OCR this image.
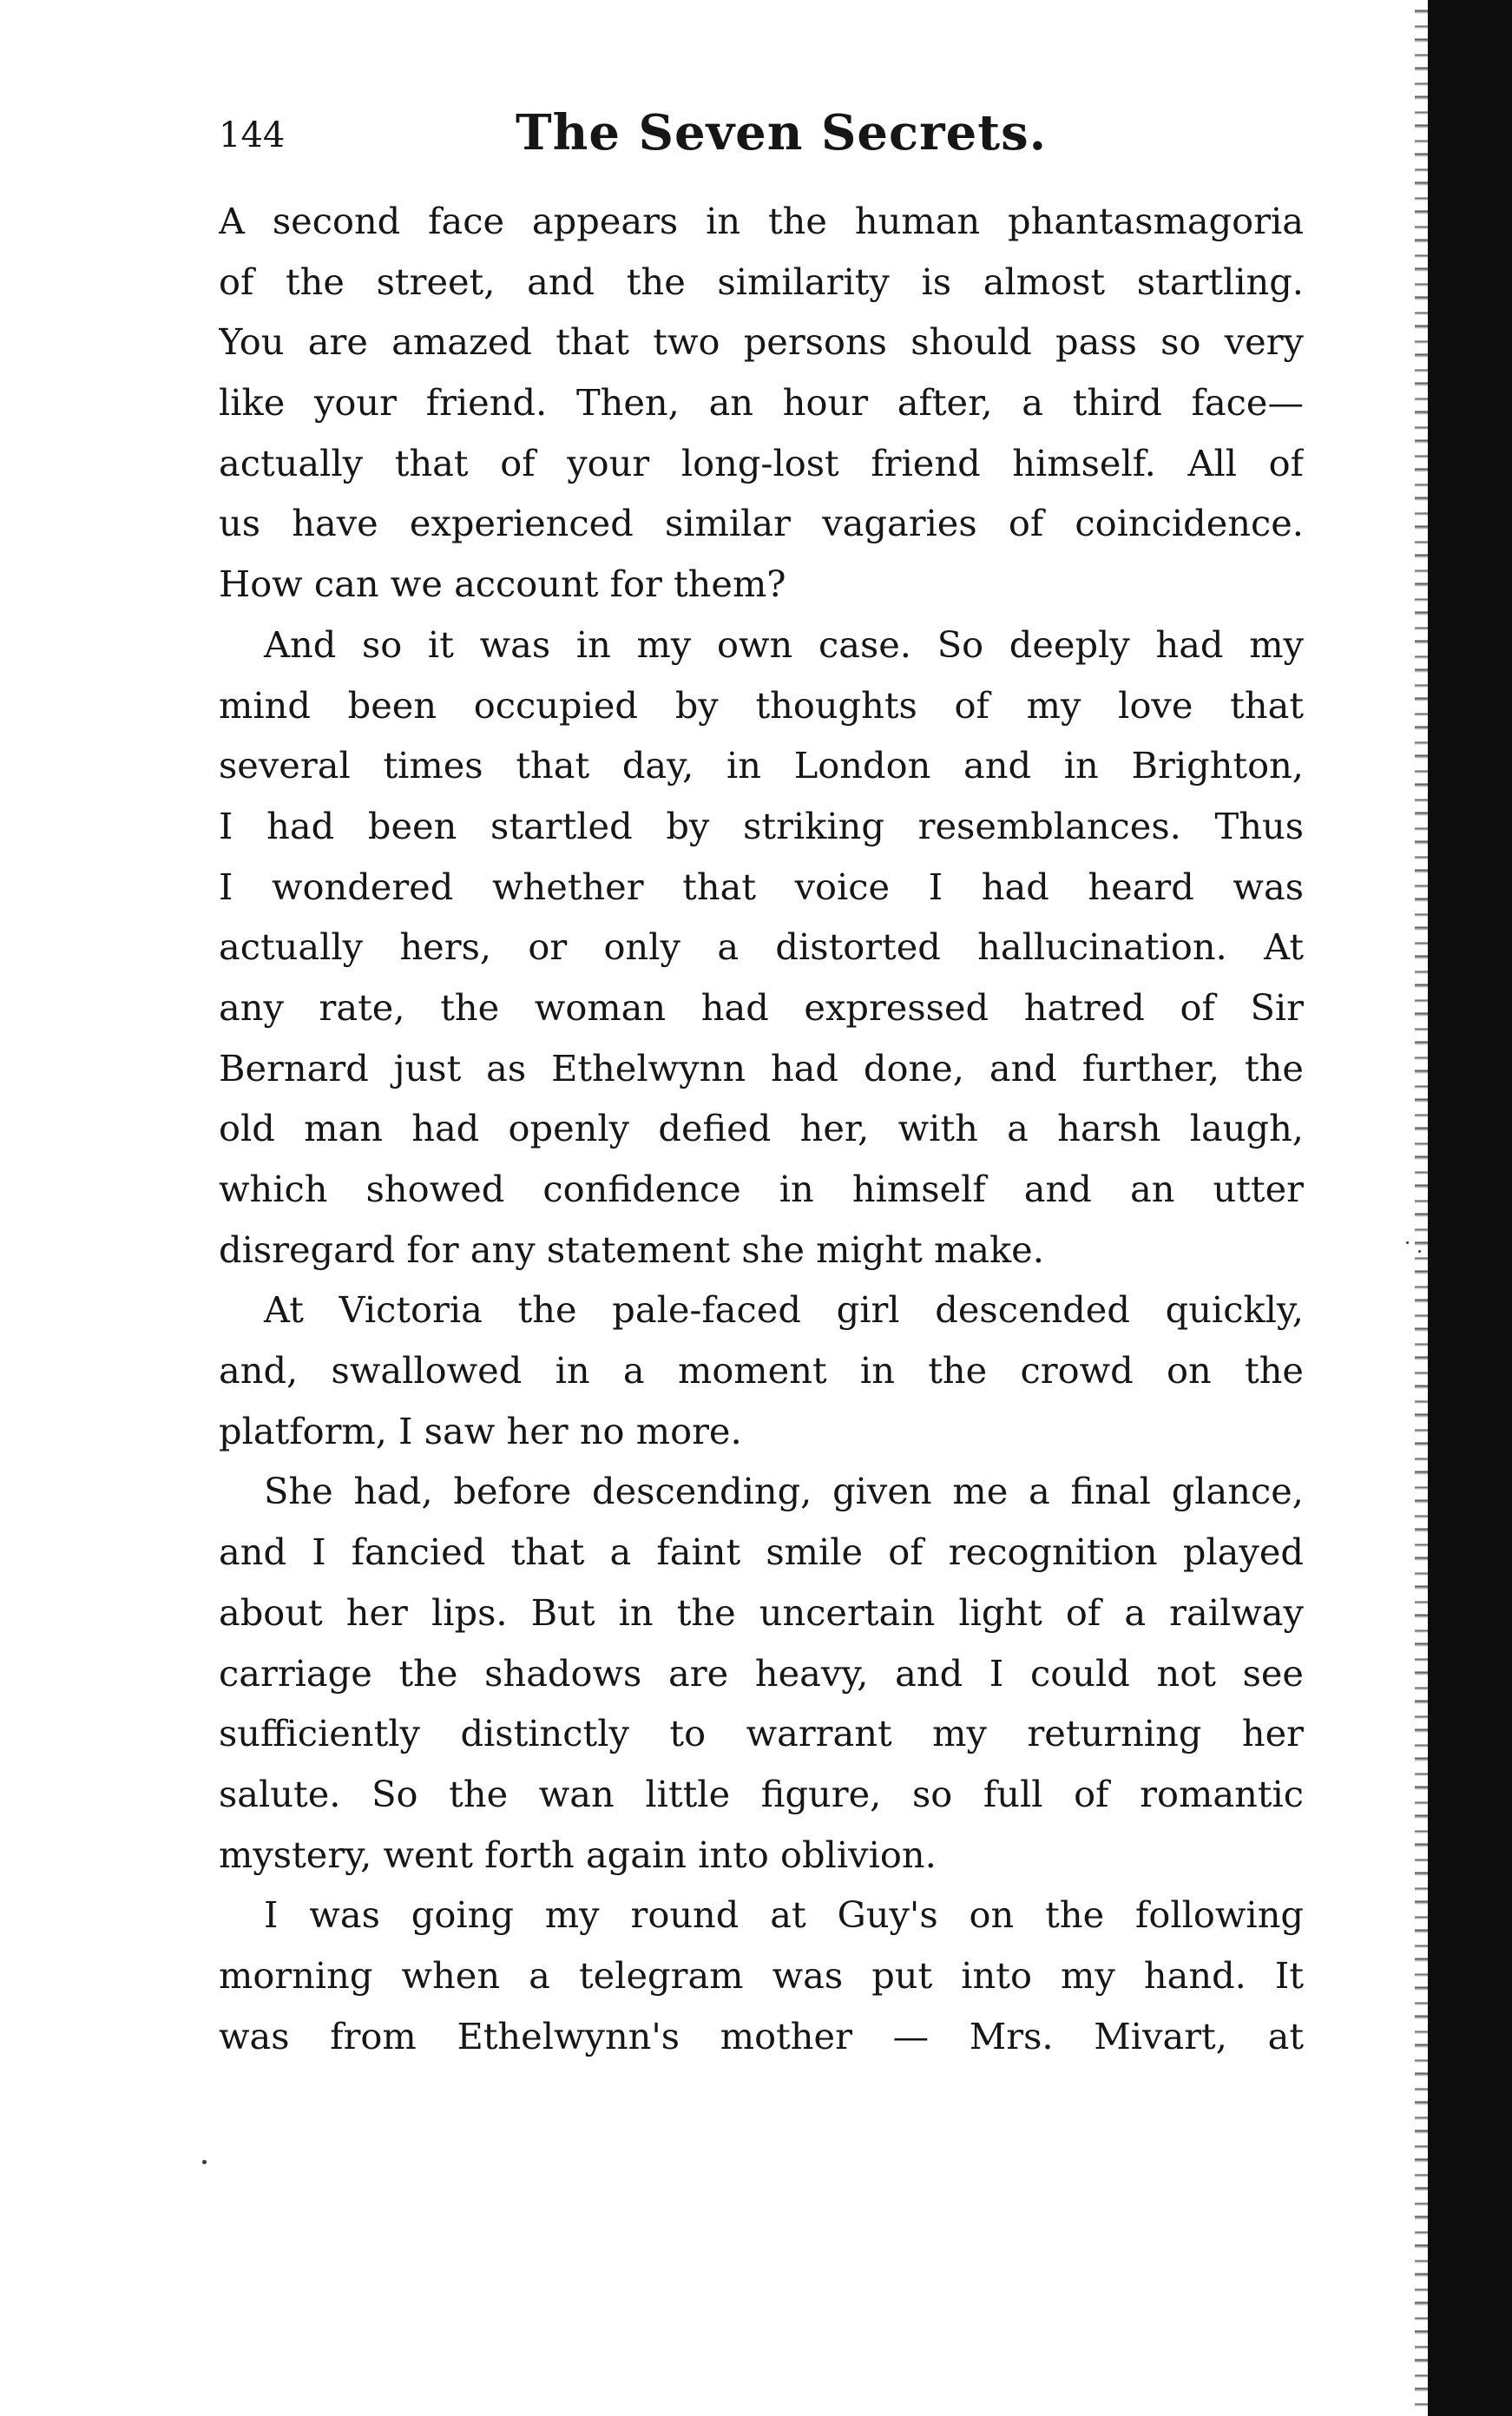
144	The Seven Secrets.
A second face appears in the human phantasmagoria
of the street, and the similarity is almost startling.
You are amazed that two persons should pass so very
like your friend. Then, an hour after, a third face—
actually that of your long-lost friend himself. All of
us have experienced similar vagaries of coincidence.
How can we account for them?
And so it was in my own case. So deeply had my
mind been occupied by thoughts of my love that
several times that day, in London and in Brighton,
I had been startled by striking resemblances. Thus
I wondered whether that voice I had heard was
actually hers, or only a distorted hallucination. At
any rate, the woman had expressed hatred of Sir
Bernard just as Ethelwynn had done, and further, the
old man had openly defied her, with a harsh laugh,
which showed confidence in himself and an utter
disregard for any statement she might make.
At Victoria the pale-faced girl descended quickly,
and, swallowed in a moment in the crowd on the
platform, I saw her no more.
She had, before descending, given me a final glance,
and I fancied that a faint smile of recognition played
about her lips. But in the uncertain light of a railway
carriage the shadows are heavy, and I could not see
sufficiently distinctly to warrant my returning her
salute. So the wan little figure, so full of romantic
mystery, went forth again into oblivion.
I was going my round at Guy's on the following
morning when a telegram was put into my hand. It
was from Ethelwynn's mother — Mrs. Mivart, at
